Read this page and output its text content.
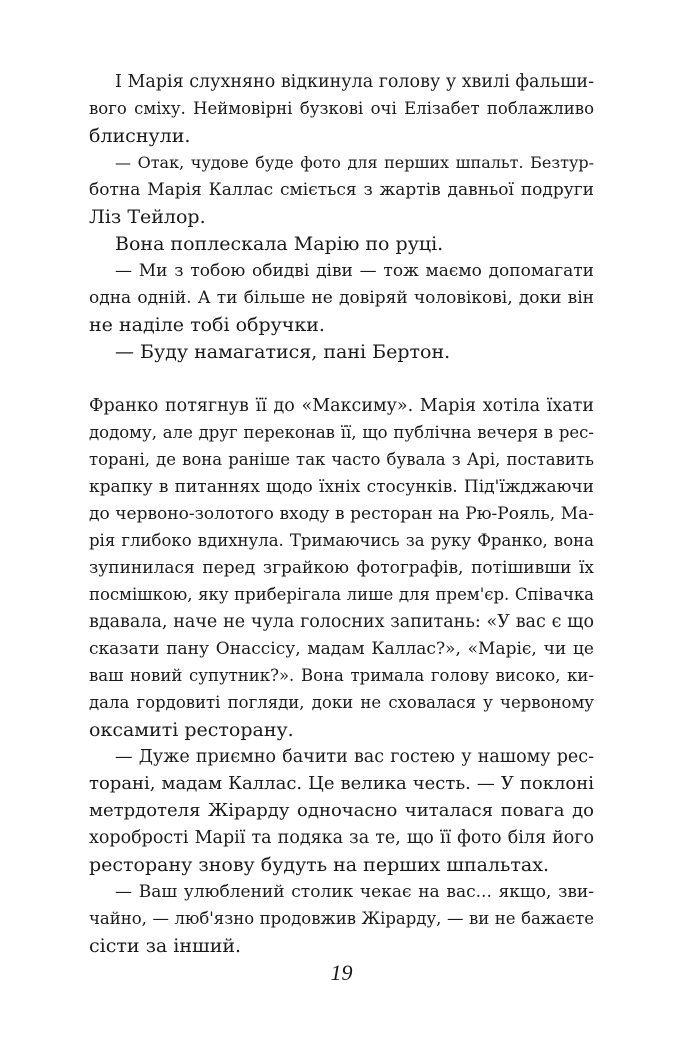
І Марія слухняно відкинула голову у хвилі фальши-
вого сміху. Неймовірні бузкові очі Елізабет поблажливо
блиснули.
— Отак, чудове буде фото для перших шпальт. Безтур-
ботна Марія Каллас сміється з жартів давньої подруги
Ліз Тейлор.
Вона поплескала Марію по руці.
— Ми з тобою обидві діви — тож маємо допомагати
одна одній. А ти більше не довіряй чоловікові, доки він
не наділе тобі обручки.
— Буду намагатися, пані Бертон.
Франко потягнув її до «Максиму». Марія хотіла їхати
додому, але друг переконав її, що публічна вечеря в рес-
торані, де вона раніше так часто бувала з Арі, поставить
крапку в питаннях щодо їхніх стосунків. Під'їжджаючи
до червоно-золотого входу в ресторан на Рю-Рояль, Ма-
рія глибоко вдихнула. Тримаючись за руку Франко, вона
зупинилася перед зграйкою фотографів, потішивши їх
посмішкою, яку приберігала лише для прем'єр. Співачка
вдавала, наче не чула голосних запитань: «У вас є що
сказати пану Онассісу, мадам Каллас?», «Маріє, чи це
ваш новий супутник?». Вона тримала голову високо, ки-
дала гордовиті погляди, доки не сховалася у червоному
оксамиті ресторану.
— Дуже приємно бачити вас гостею у нашому рес-
торані, мадам Каллас. Це велика честь. — У поклоні
метрдотеля Жірарду одночасно читалася повага до
хоробрості Марії та подяка за те, що її фото біля його
ресторану знову будуть на перших шпальтах.
— Ваш улюблений столик чекає на вас... якщо, зви-
чайно, — люб'язно продовжив Жірарду, — ви не бажаєте
сісти за інший.
19
